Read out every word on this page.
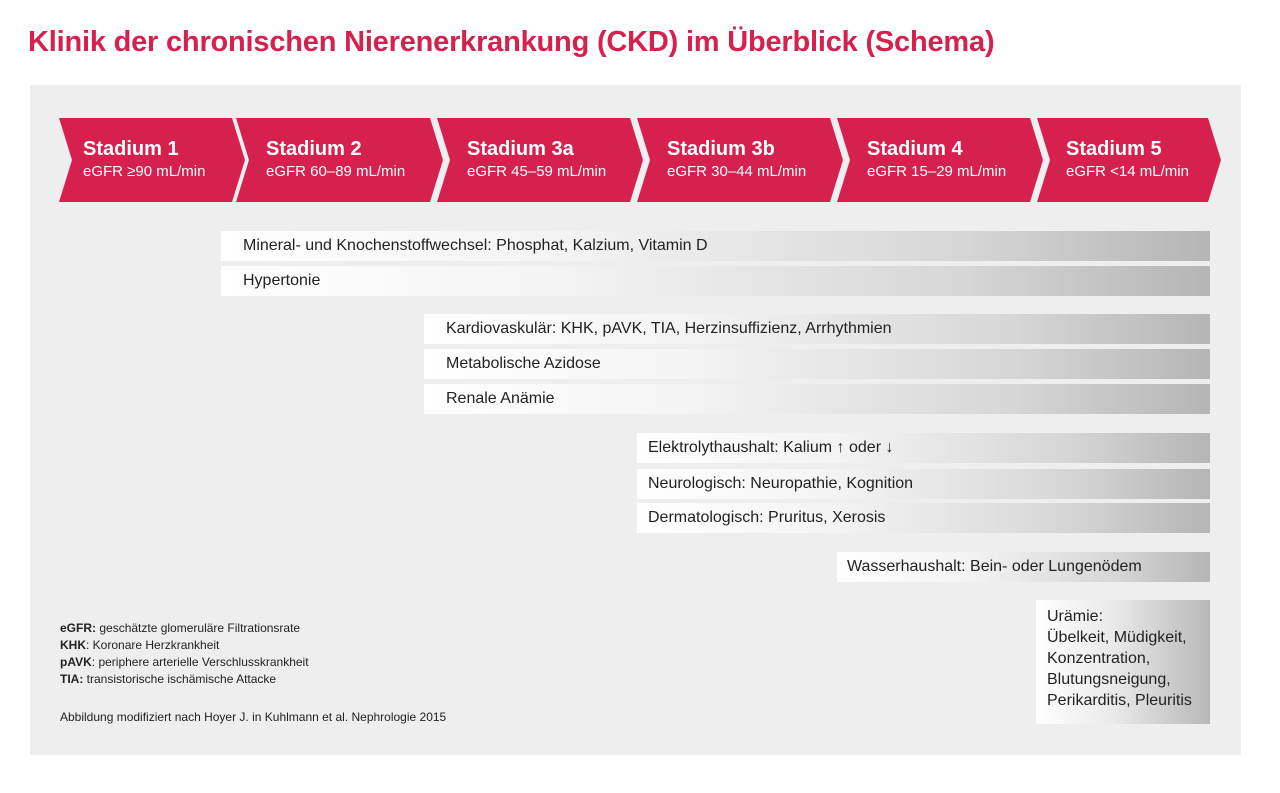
Klinik der chronischen Nierenerkrankung (CKD) im Überblick (Schema)
Stadium 1
eGFR ≥90 mL/min
Stadium 2
eGFR 60–89 mL/min
Stadium 3a
eGFR 45–59 mL/min
Stadium 3b
eGFR 30–44 mL/min
Stadium 4
eGFR 15–29 mL/min
Stadium 5
eGFR <14 mL/min
Mineral- und Knochenstoffwechsel: Phosphat, Kalzium, Vitamin D
Hypertonie
Kardiovaskulär: KHK, pAVK, TIA, Herzinsuffizienz, Arrhythmien
Metabolische Azidose
Renale Anämie
Elektrolythaushalt: Kalium ↑ oder ↓
Neurologisch: Neuropathie, Kognition
Dermatologisch: Pruritus, Xerosis
Wasserhaushalt: Bein- oder Lungenödem
Urämie:
Übelkeit, Müdigkeit,
Konzentration,
Blutungsneigung,
Perikarditis, Pleuritis
eGFR: geschätzte glomeruläre Filtrationsrate
KHK: Koronare Herzkrankheit
pAVK: periphere arterielle Verschlusskrankheit
TIA: transistorische ischämische Attacke
Abbildung modifiziert nach Hoyer J. in Kuhlmann et al. Nephrologie 2015
